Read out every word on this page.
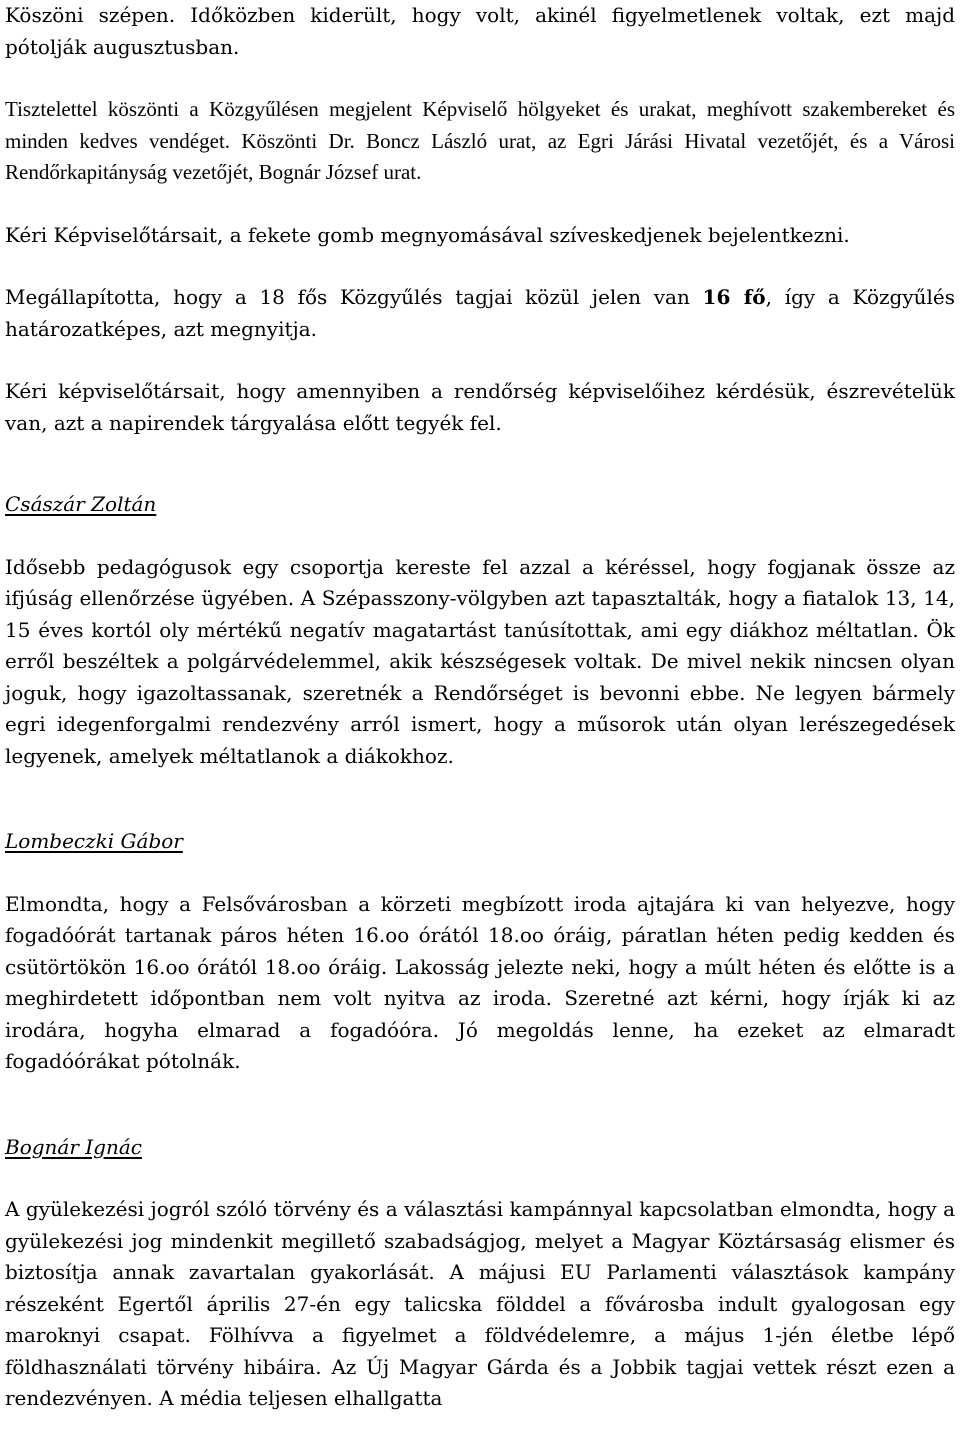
Köszöni szépen. Időközben kiderült, hogy volt, akinél figyelmetlenek voltak, ezt majd pótolják augusztusban.

Tisztelettel köszönti a Közgyűlésen megjelent Képviselő hölgyeket és urakat, meghívott szakembereket és minden kedves vendéget. Köszönti Dr. Boncz László urat, az Egri Járási Hivatal vezetőjét, és a Városi Rendőrkapitányság vezetőjét, Bognár József urat.

Kéri Képviselőtársait, a fekete gomb megnyomásával szíveskedjenek bejelentkezni.

Megállapította, hogy a 18 fős Közgyűlés tagjai közül jelen van 16 fő, így a Közgyűlés határozatképes, azt megnyitja.

Kéri képviselőtársait, hogy amennyiben a rendőrség képviselőihez kérdésük, észrevételük van, azt a napirendek tárgyalása előtt tegyék fel.

Császár Zoltán

Idősebb pedagógusok egy csoportja kereste fel azzal a kéréssel, hogy fogjanak össze az ifjúság ellenőrzése ügyében. A Szépasszony-völgyben azt tapasztalták, hogy a fiatalok 13, 14, 15 éves kortól oly mértékű negatív magatartást tanúsítottak, ami egy diákhoz méltatlan. Ök erről beszéltek a polgárvédelemmel, akik készségesek voltak. De mivel nekik nincsen olyan joguk, hogy igazoltassanak, szeretnék a Rendőrséget is bevonni ebbe. Ne legyen bármely egri idegenforgalmi rendezvény arról ismert, hogy a műsorok után olyan lerészegedések legyenek, amelyek méltatlanok a diákokhoz.

Lombeczki Gábor

Elmondta, hogy a Felsővárosban a körzeti megbízott iroda ajtajára ki van helyezve, hogy fogadóórát tartanak páros héten 16.oo órától 18.oo óráig, páratlan héten pedig kedden és csütörtökön 16.oo órától 18.oo óráig. Lakosság jelezte neki, hogy a múlt héten és előtte is a meghirdetett időpontban nem volt nyitva az iroda. Szeretné azt kérni, hogy írják ki az irodára, hogyha elmarad a fogadóóra. Jó megoldás lenne, ha ezeket az elmaradt fogadóórákat pótolnák.

Bognár Ignác

A gyülekezési jogról szóló törvény és a választási kampánnyal kapcsolatban elmondta, hogy a gyülekezési jog mindenkit megillető szabadságjog, melyet a Magyar Köztársaság elismer és biztosítja annak zavartalan gyakorlását. A májusi EU Parlamenti választások kampány részeként Egertől április 27-én egy talicska földdel a fővárosba indult gyalogosan egy maroknyi csapat. Fölhívva a figyelmet a földvédelemre, a május 1-jén életbe lépő földhasználati törvény hibáira. Az Új Magyar Gárda és a Jobbik tagjai vettek részt ezen a rendezvényen. A média teljesen elhallgatta
